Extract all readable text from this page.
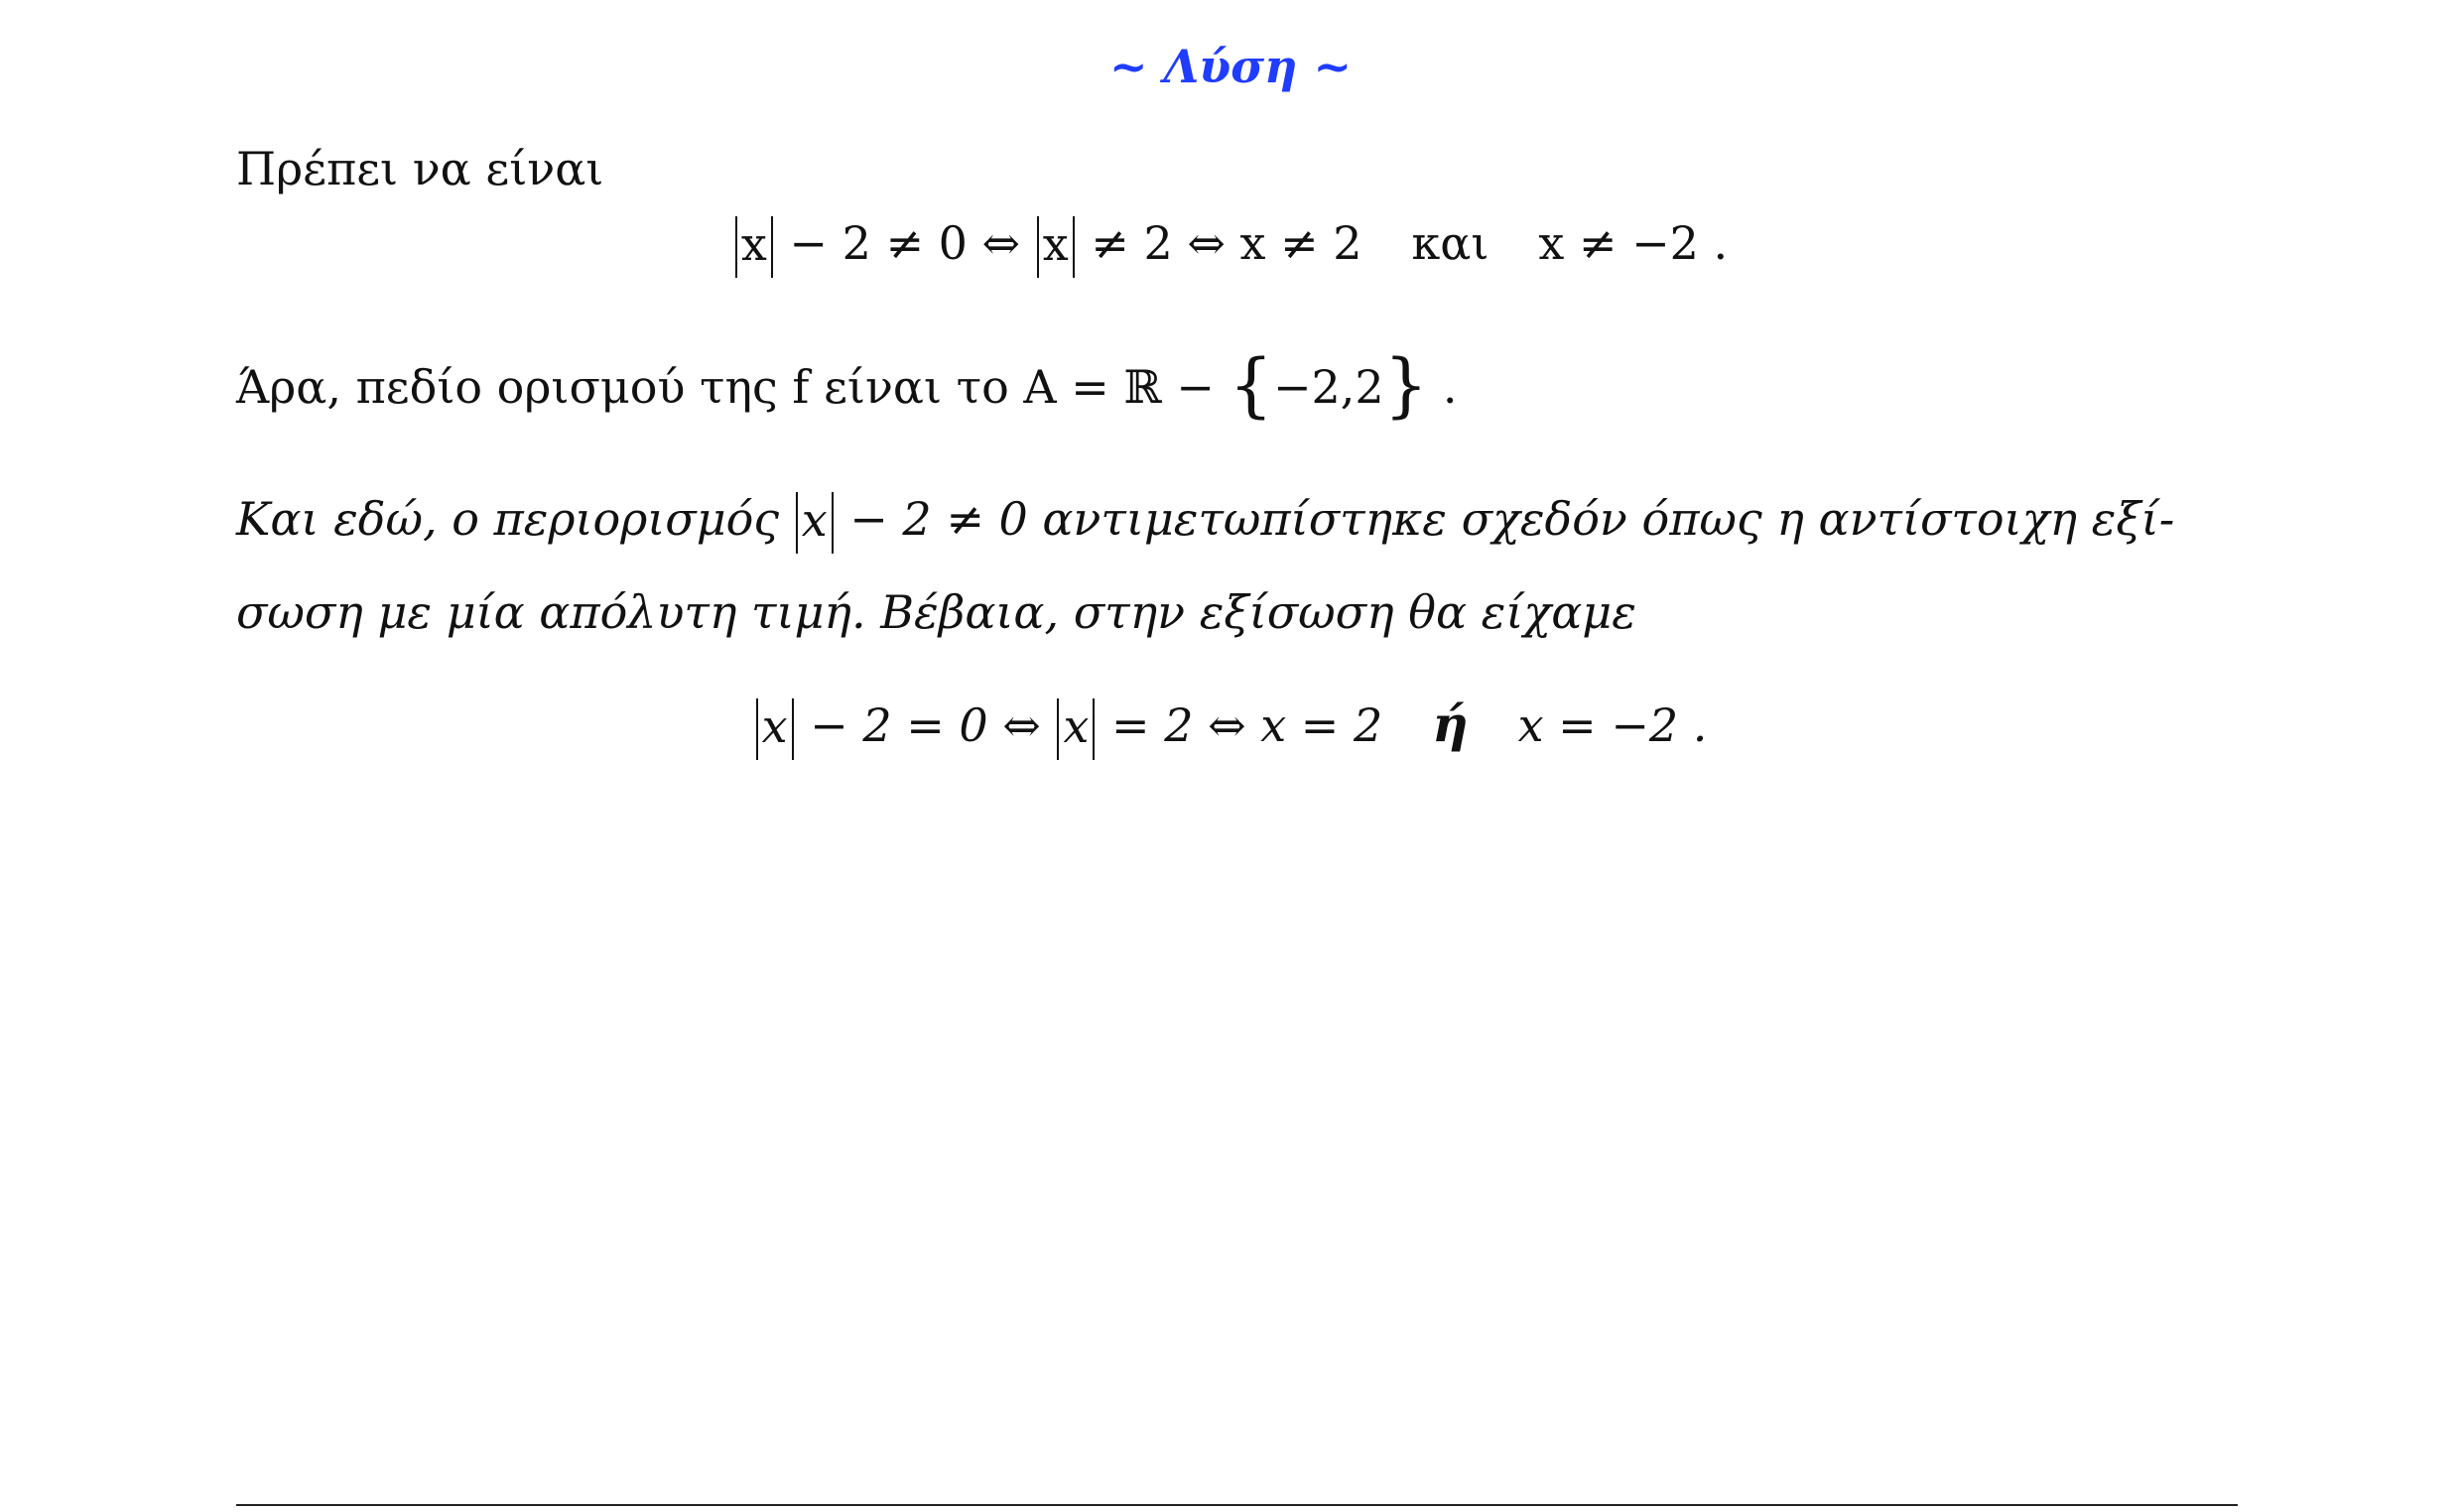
~ Λύση ~
Πρέπει να είναι
x − 2 ≠ 0 ⇔ x ≠ 2 ⇔ x ≠ 2 και x ≠ −2 .
Άρα, πεδίο ορισμού της f είναι το A = ℝ − {−2,2} .
Και εδώ, ο περιορισμός x − 2 ≠ 0 αντιμετωπίστηκε σχεδόν όπως η αντίστοιχη εξί-
σωση με μία απόλυτη τιμή. Βέβαια, στην εξίσωση θα είχαμε
x − 2 = 0 ⇔ x = 2 ⇔ x = 2 ή x = −2 .
